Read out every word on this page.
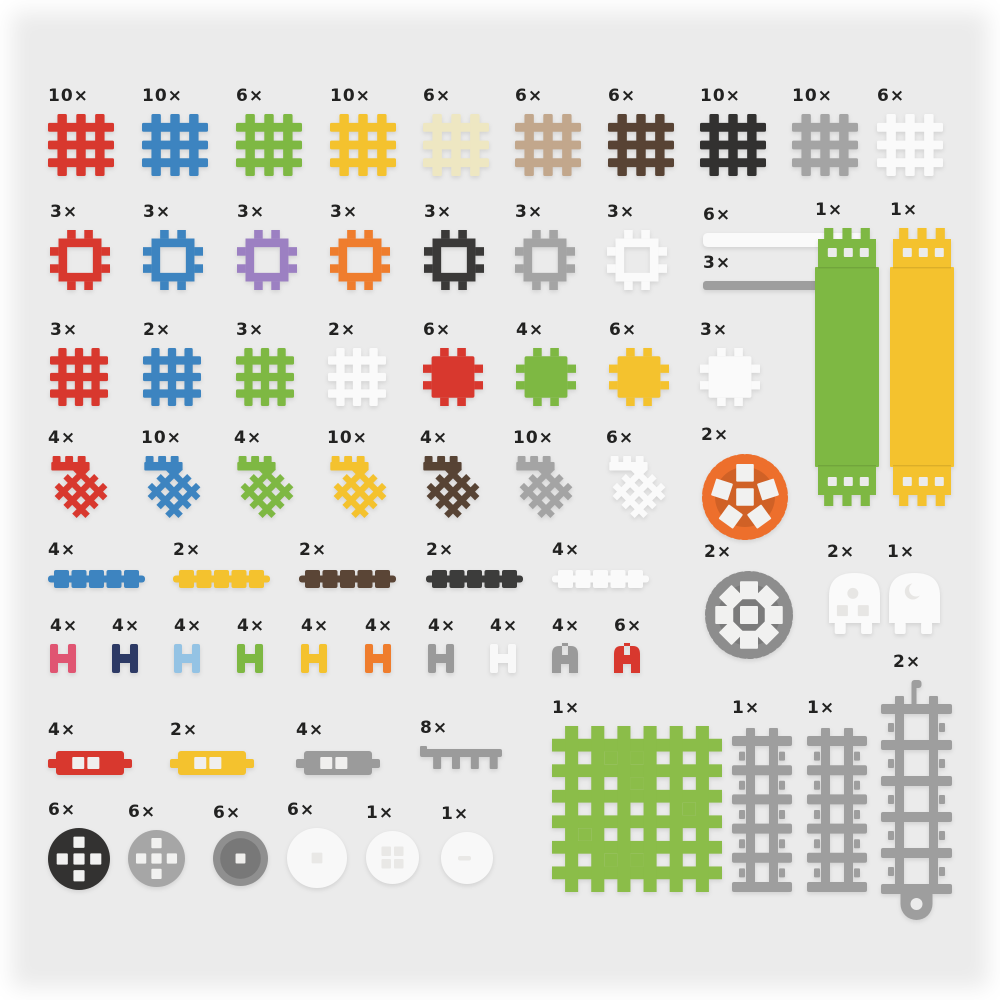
10×	10×	6×	10×	6×	6×	6×	10×	10×	6×
3×	3×	3×	3×	3×	3×	3×	6×
3×
1×	1×
3×	2×	3×	2×	6×	4×	6×	3×
4×	10×	4×	10×	4×	10×	6×	2×
4×	2×	2×	2×	4×	2×	2× 1×
4× 4× 4× 4× 4× 4× 4× 4× 4× 6×
4×	2×	4×	8×
1×	1×	1×
2×
6×	6×	6×	6×	1×	1×
